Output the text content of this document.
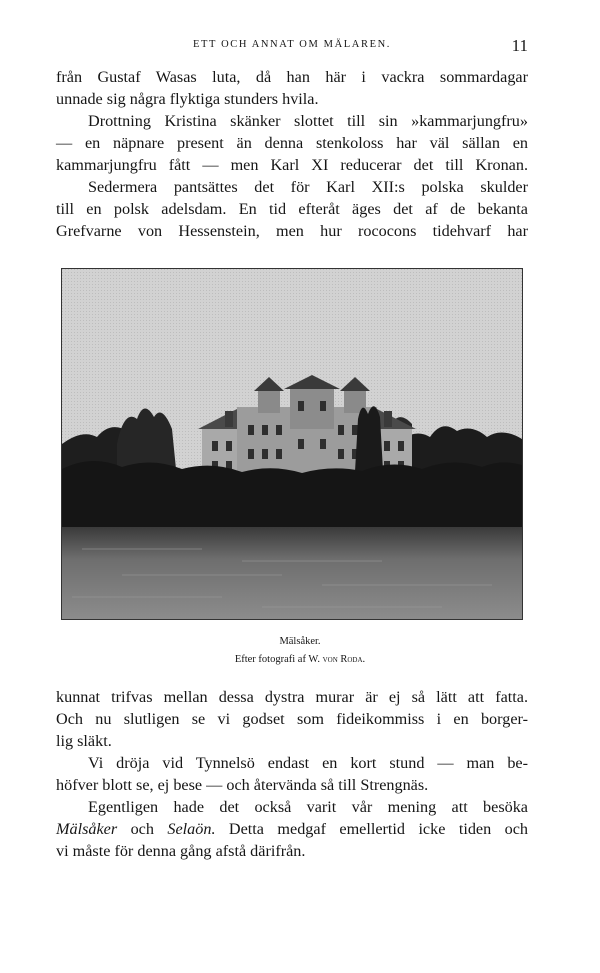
ETT OCH ANNAT OM MÄLAREN.	11
från Gustaf Wasas luta, då han här i vackra sommardagar
unnade sig några flyktiga stunders hvila.
Drottning Kristina skänker slottet till sin »kammarjungfru»
— en näpnare present än denna stenkoloss har väl sällan en
kammarjungfru fått — men Karl XI reducerar det till Kronan.
Sedermera pantsättes det för Karl XII:s polska skulder
till en polsk adelsdam. En tid efteråt äges det af de bekanta
Grefvarne von Hessenstein, men hur rococons tidehvarf har
Mälsåker.
Efter fotografi af W. von Roda.
kunnat trifvas mellan dessa dystra murar är ej så lätt att fatta.
Och nu slutligen se vi godset som fideikommiss i en borger-
lig släkt.
Vi dröja vid Tynnelsö endast en kort stund — man be-
höfver blott se, ej bese — och återvända så till Strengnäs.
Egentligen hade det också varit vår mening att besöka
Mälsåker och Selaön. Detta medgaf emellertid icke tiden och
vi måste för denna gång afstå därifrån.
